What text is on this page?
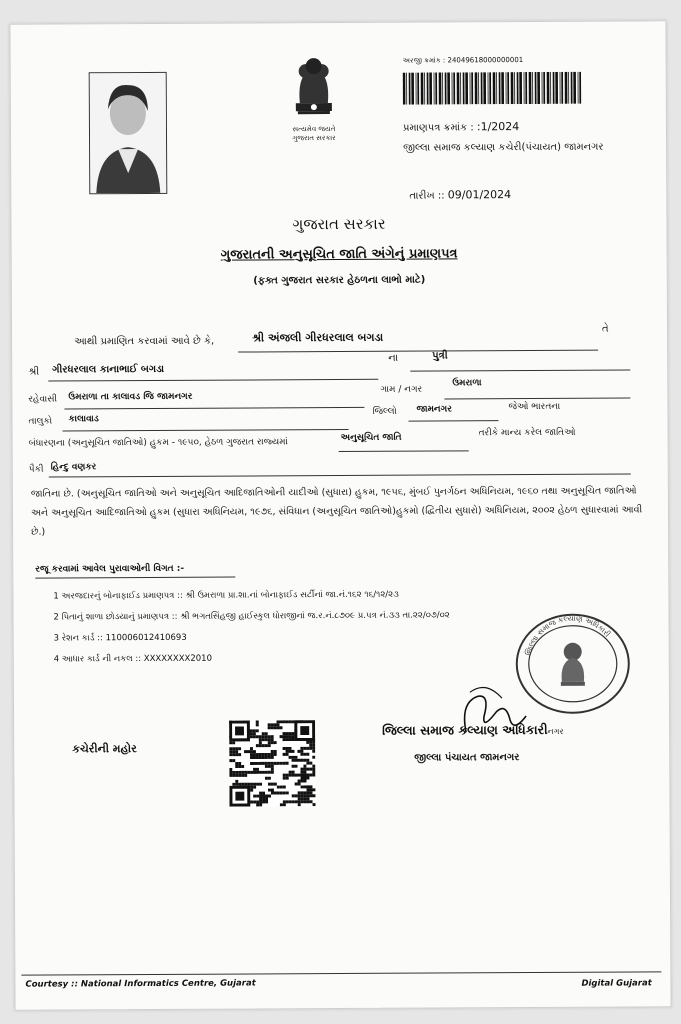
સત્યમેવ જયતે
ગુજરાત સરકાર
અરજી ક્રમાંક : 24049618000000001
પ્રમાણપત્ર ક્રમાંક : :1/2024
જીલ્લા સમાજ કલ્યાણ કચેરી(પંચાયત) જામનગર
તારીખ :: 09/01/2024
ગુજરાત સરકાર
ગુજરાતની અનુસૂચિત જાતિ અંગેનું પ્રમાણપત્ર
(ફક્ત ગુજરાત સરકાર હેઠળના લાભો માટે)
આથી પ્રમાણિત કરવામાં આવે છે કે,	શ્રી અંજલી ગીરધરલાલ બગડા
તે
શ્રી ગીરધરલાલ કાનાભાઈ બગડા
ના	પુત્રી
રહેવાસી ઉમરાળા તા કાલાવડ જિ જામનગર
ગામ / નગર
ઉમરાળા
તાલુકો કાલાવાડ
જિલ્લો જામનગર	જેઓ ભારતના
બંધારણના (અનુસૂચિત જાતિઓ) હુકમ - ૧૯૫૦, હેઠળ ગુજરાત રાજ્યમાં	અનુસૂચિત જાતિ	તરીકે માન્ય કરેલ જાતિઓ
પૈકી હિન્દુ વણકર
જાતિના છે. (અનુસૂચિત જાતિઓ અને અનુસૂચિત આદિજાતિઓની યાદીઓ (સુધારા) હુકમ, ૧૯૫૬, મુંબઈ પુનર્ગઠન અધિનિયમ, ૧૯૬૦ તથા અનુસૂચિત જાતિઓ અને અનુસૂચિત આદિજાતિઓ હુકમ (સુધારા અધિનિયમ, ૧૯૭૬, સંવિધાન (અનુસૂચિત જાતિઓ)હુકમો (દ્વિતીય સુધારો) અધિનિયમ, ૨૦૦૨ હેઠળ સુધારવામાં આવી છે.)
રજૂ કરવામાં આવેલ પુરાવાઓની વિગત :-
1 અરજદારનું બોનાફાઈડ પ્રમાણપત્ર :: શ્રી ઉમરાળા પ્રા.શા.નાં બોનાફાઈડ સર્ટીનાં જા.નં.૧૬૨ ૧૬/૧૨/૨૩
2 પિતાનું શાળા છોડયાનું પ્રમાણપત્ર :: શ્રી ભગતસિંહજી હાઈસ્કુલ ધોરાજીનાં જ.ર.નં.૮૭૦૯ પ્ર.પત્ર નં.૩૩ તા.૨૨/૦૭/૦૨
3 રેશન કાર્ડ :: 110006012410693
4 આધાર કાર્ડ ની નકલ :: XXXXXXXX2010
જિલ્લા સમાજ કલ્યાણ અધિકારી
કચેરીની મહોર
જિલ્લા સમાજ કલ્યાણ અધિકારીનગર
જીલ્લા પંચાયત જામનગર
Courtesy :: National Informatics Centre, Gujarat	Digital Gujarat
